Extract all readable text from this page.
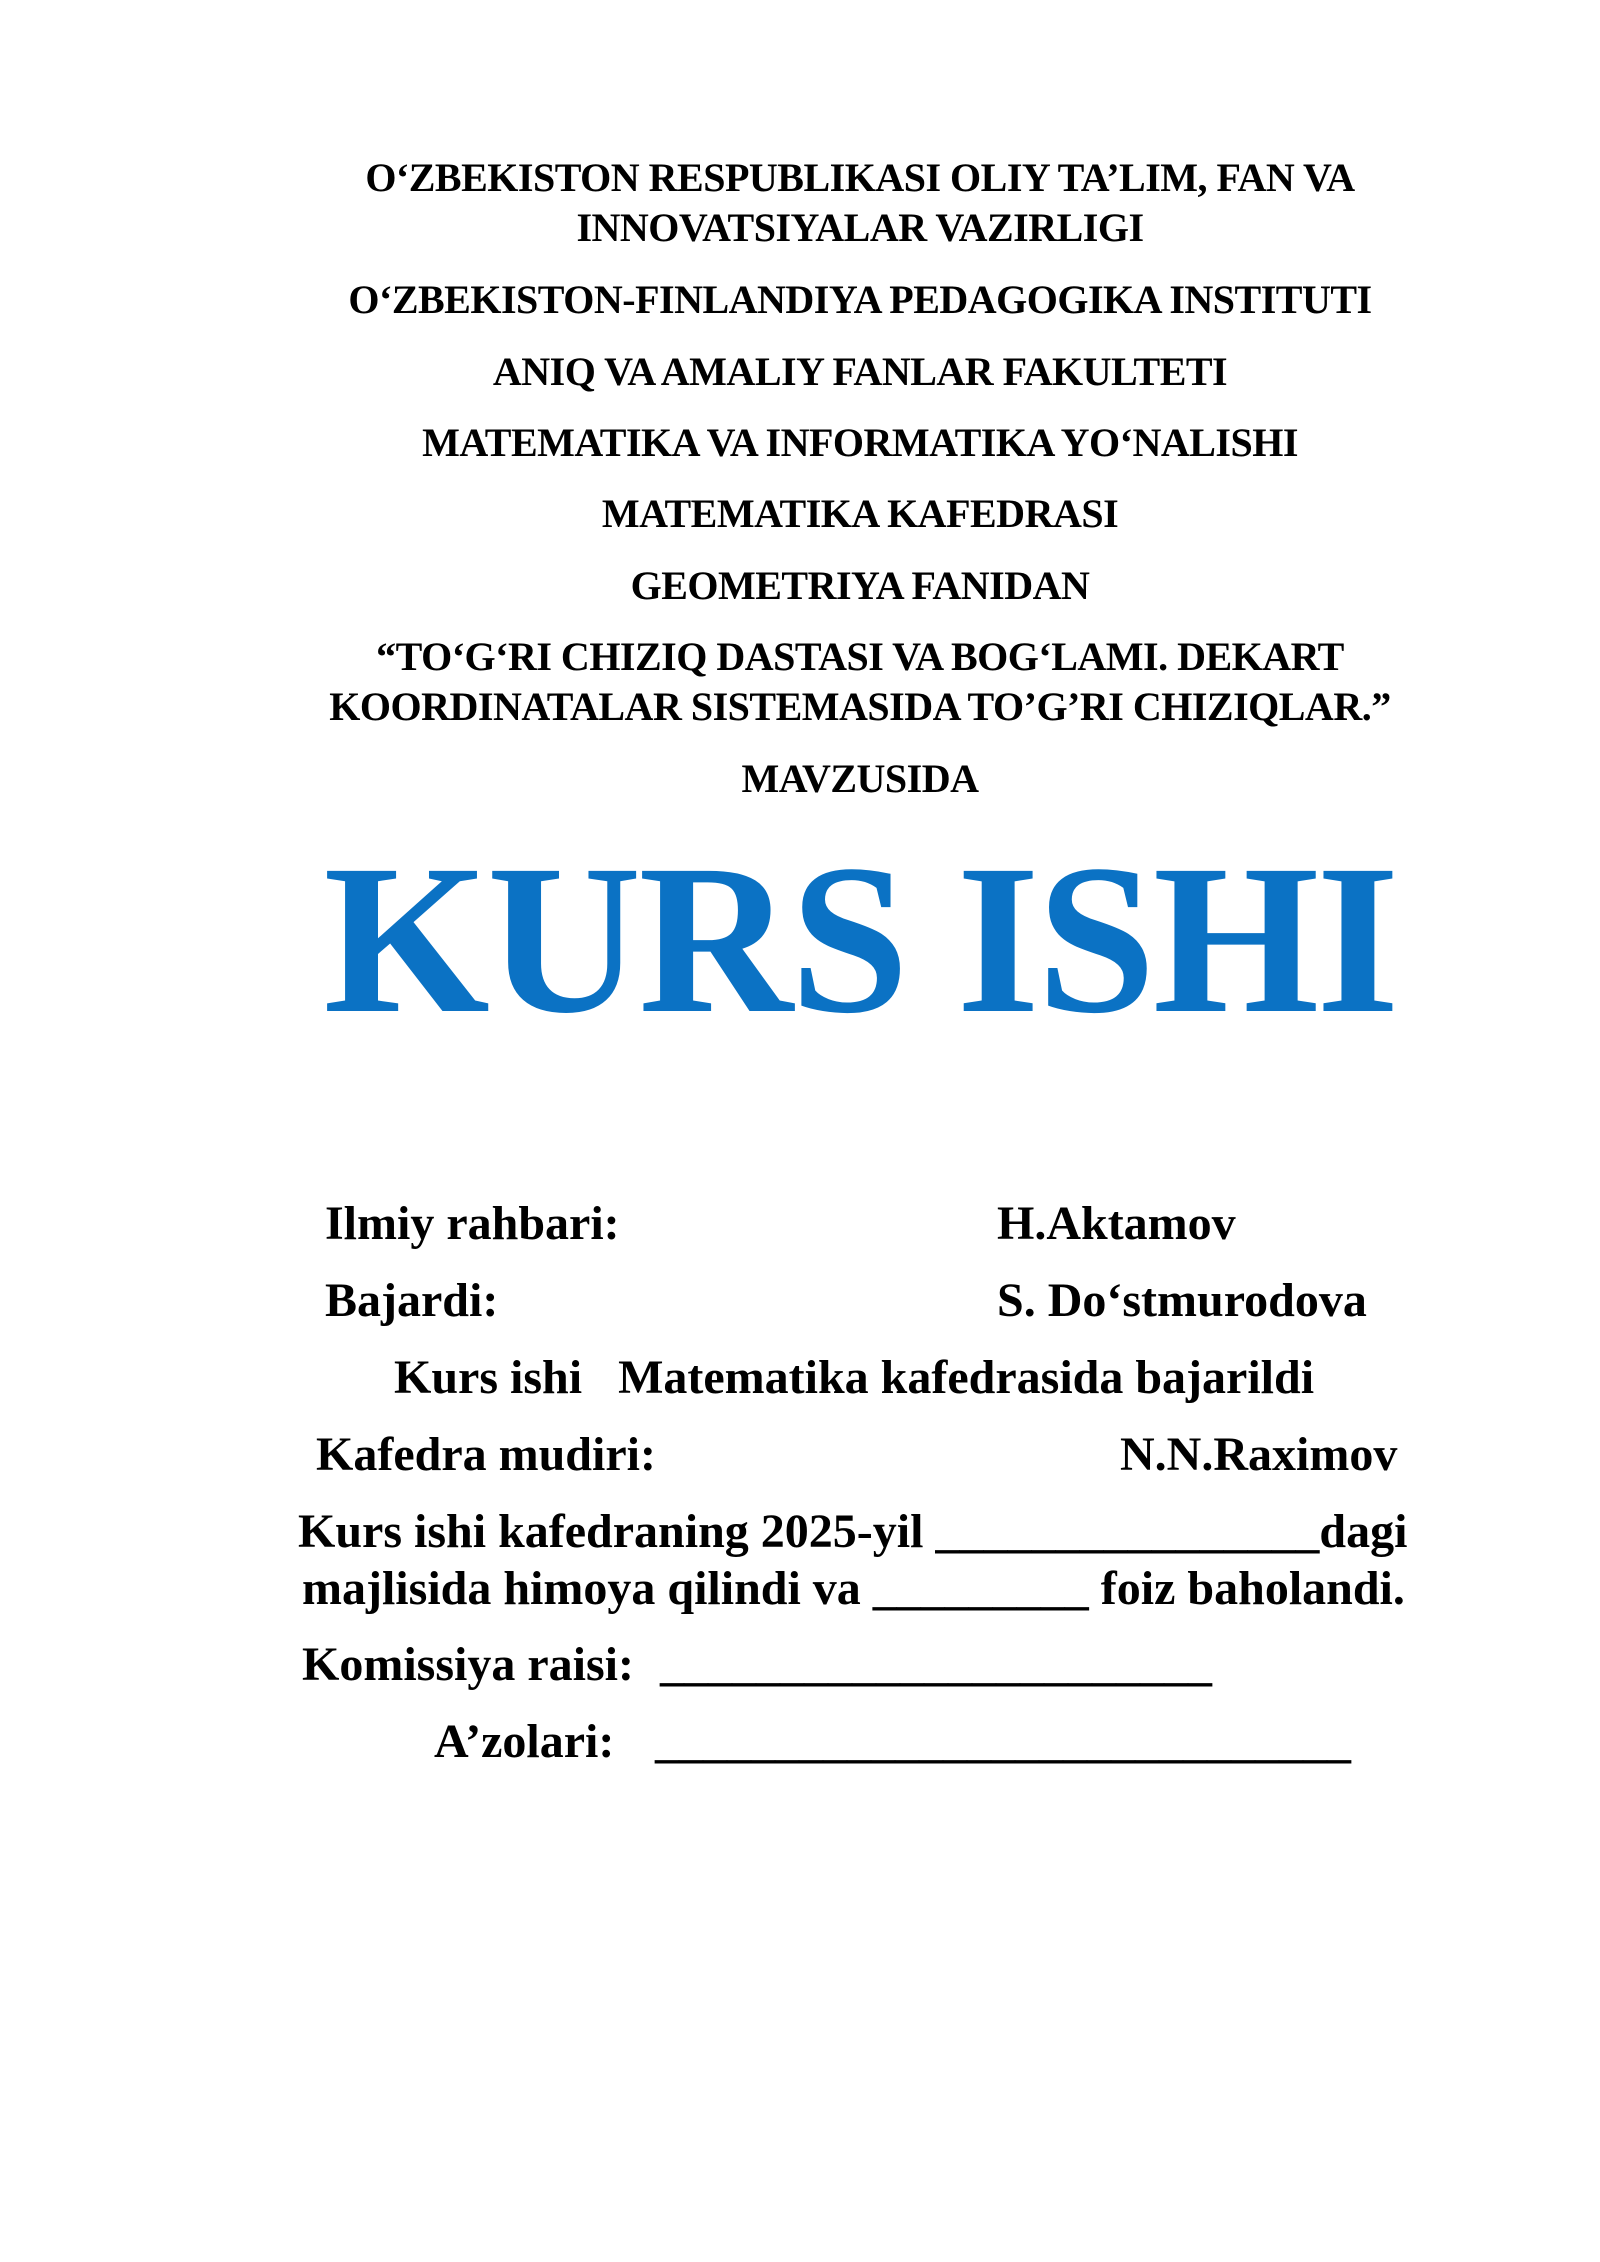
O‘ZBEKISTON RESPUBLIKASI OLIY TA’LIM, FAN VA
INNOVATSIYALAR VAZIRLIGI
O‘ZBEKISTON-FINLANDIYA PEDAGOGIKA INSTITUTI
ANIQ VA AMALIY FANLAR FAKULTETI
MATEMATIKA VA INFORMATIKA YO‘NALISHI
MATEMATIKA KAFEDRASI
GEOMETRIYA FANIDAN
“TO‘G‘RI CHIZIQ DASTASI VA BOG‘LAMI. DEKART
KOORDINATALAR SISTEMASIDA TO’G’RI CHIZIQLAR.”
MAVZUSIDA
KURS ISHI
Ilmiy rahbari:	H.Aktamov
Bajardi:	S. Do‘stmurodova
Kurs ishi   Matematika kafedrasida bajarildi
Kafedra mudiri:	N.N.Raximov
Kurs ishi kafedraning 2025-yil ________________dagi
majlisida himoya qilindi va _________ foiz baholandi.
Komissiya raisi: _______________________
A’zolari: _____________________________
